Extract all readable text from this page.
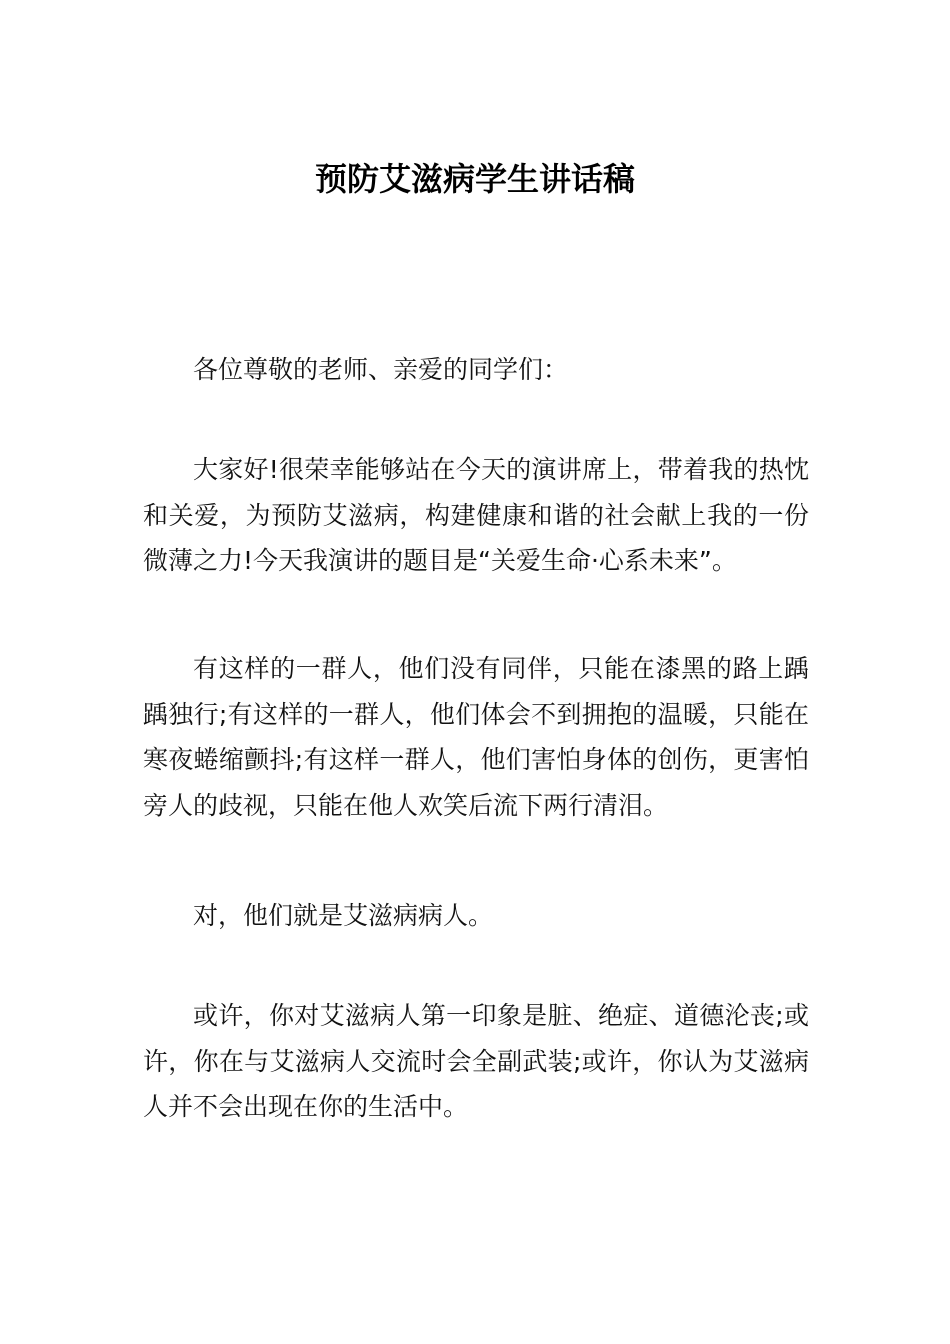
预防艾滋病学生讲话稿

各位尊敬的老师、亲爱的同学们：

大家好!很荣幸能够站在今天的演讲席上，带着我的热忱和关爱，为预防艾滋病，构建健康和谐的社会献上我的一份微薄之力!今天我演讲的题目是“关爱生命·心系未来”。

有这样的一群人，他们没有同伴，只能在漆黑的路上踽踽独行;有这样的一群人，他们体会不到拥抱的温暖，只能在寒夜蜷缩颤抖;有这样一群人，他们害怕身体的创伤，更害怕旁人的歧视，只能在他人欢笑后流下两行清泪。

对，他们就是艾滋病病人。

或许，你对艾滋病人第一印象是脏、绝症、道德沦丧;或许，你在与艾滋病人交流时会全副武装;或许，你认为艾滋病人并不会出现在你的生活中。
